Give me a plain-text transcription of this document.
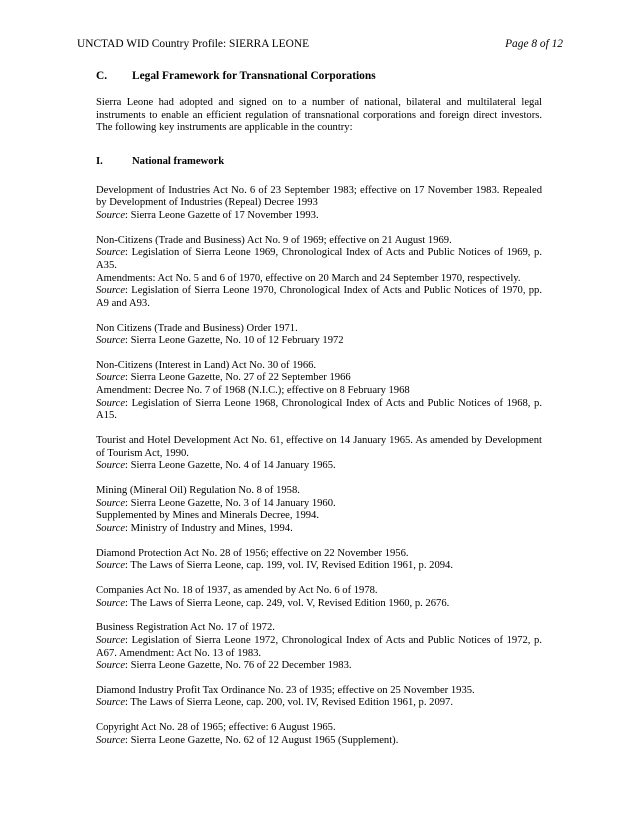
UNCTAD WID Country Profile: SIERRA LEONE	Page 8 of 12
C. Legal Framework for Transnational Corporations
Sierra Leone had adopted and signed on to a number of national, bilateral and multilateral legal instruments to enable an efficient regulation of transnational corporations and foreign direct investors. The following key instruments are applicable in the country:
I.	National framework
Development of Industries Act No. 6 of 23 September 1983; effective on 17 November 1983. Repealed by Development of Industries (Repeal) Decree 1993
Source: Sierra Leone Gazette of 17 November 1993.
Non-Citizens (Trade and Business) Act No. 9 of 1969; effective on 21 August 1969.
Source: Legislation of Sierra Leone 1969, Chronological Index of Acts and Public Notices of 1969, p. A35.
Amendments: Act No. 5 and 6 of 1970, effective on 20 March and 24 September 1970, respectively.
Source: Legislation of Sierra Leone 1970, Chronological Index of Acts and Public Notices of 1970, pp. A9 and A93.
Non Citizens (Trade and Business) Order 1971.
Source: Sierra Leone Gazette, No. 10 of 12 February 1972
Non-Citizens (Interest in Land) Act No. 30 of 1966.
Source: Sierra Leone Gazette, No. 27 of 22 September 1966
Amendment: Decree No. 7 of 1968 (N.I.C.); effective on 8 February 1968
Source: Legislation of Sierra Leone 1968, Chronological Index of Acts and Public Notices of 1968, p. A15.
Tourist and Hotel Development Act No. 61, effective on 14 January 1965. As amended by Development of Tourism Act, 1990.
Source: Sierra Leone Gazette, No. 4 of 14 January 1965.
Mining (Mineral Oil) Regulation No. 8 of 1958.
Source: Sierra Leone Gazette, No. 3 of 14 January 1960.
Supplemented by Mines and Minerals Decree, 1994.
Source: Ministry of Industry and Mines, 1994.
Diamond Protection Act No. 28 of 1956; effective on 22 November 1956.
Source: The Laws of Sierra Leone, cap. 199, vol. IV, Revised Edition 1961, p. 2094.
Companies Act No. 18 of 1937, as amended by Act No. 6 of 1978.
Source: The Laws of Sierra Leone, cap. 249, vol. V, Revised Edition 1960, p. 2676.
Business Registration Act No. 17 of 1972.
Source: Legislation of Sierra Leone 1972, Chronological Index of Acts and Public Notices of 1972, p. A67. Amendment: Act No. 13 of 1983.
Source: Sierra Leone Gazette, No. 76 of 22 December 1983.
Diamond Industry Profit Tax Ordinance No. 23 of 1935; effective on 25 November 1935.
Source: The Laws of Sierra Leone, cap. 200, vol. IV, Revised Edition 1961, p. 2097.
Copyright Act No. 28 of 1965; effective: 6 August 1965.
Source: Sierra Leone Gazette, No. 62 of 12 August 1965 (Supplement).
